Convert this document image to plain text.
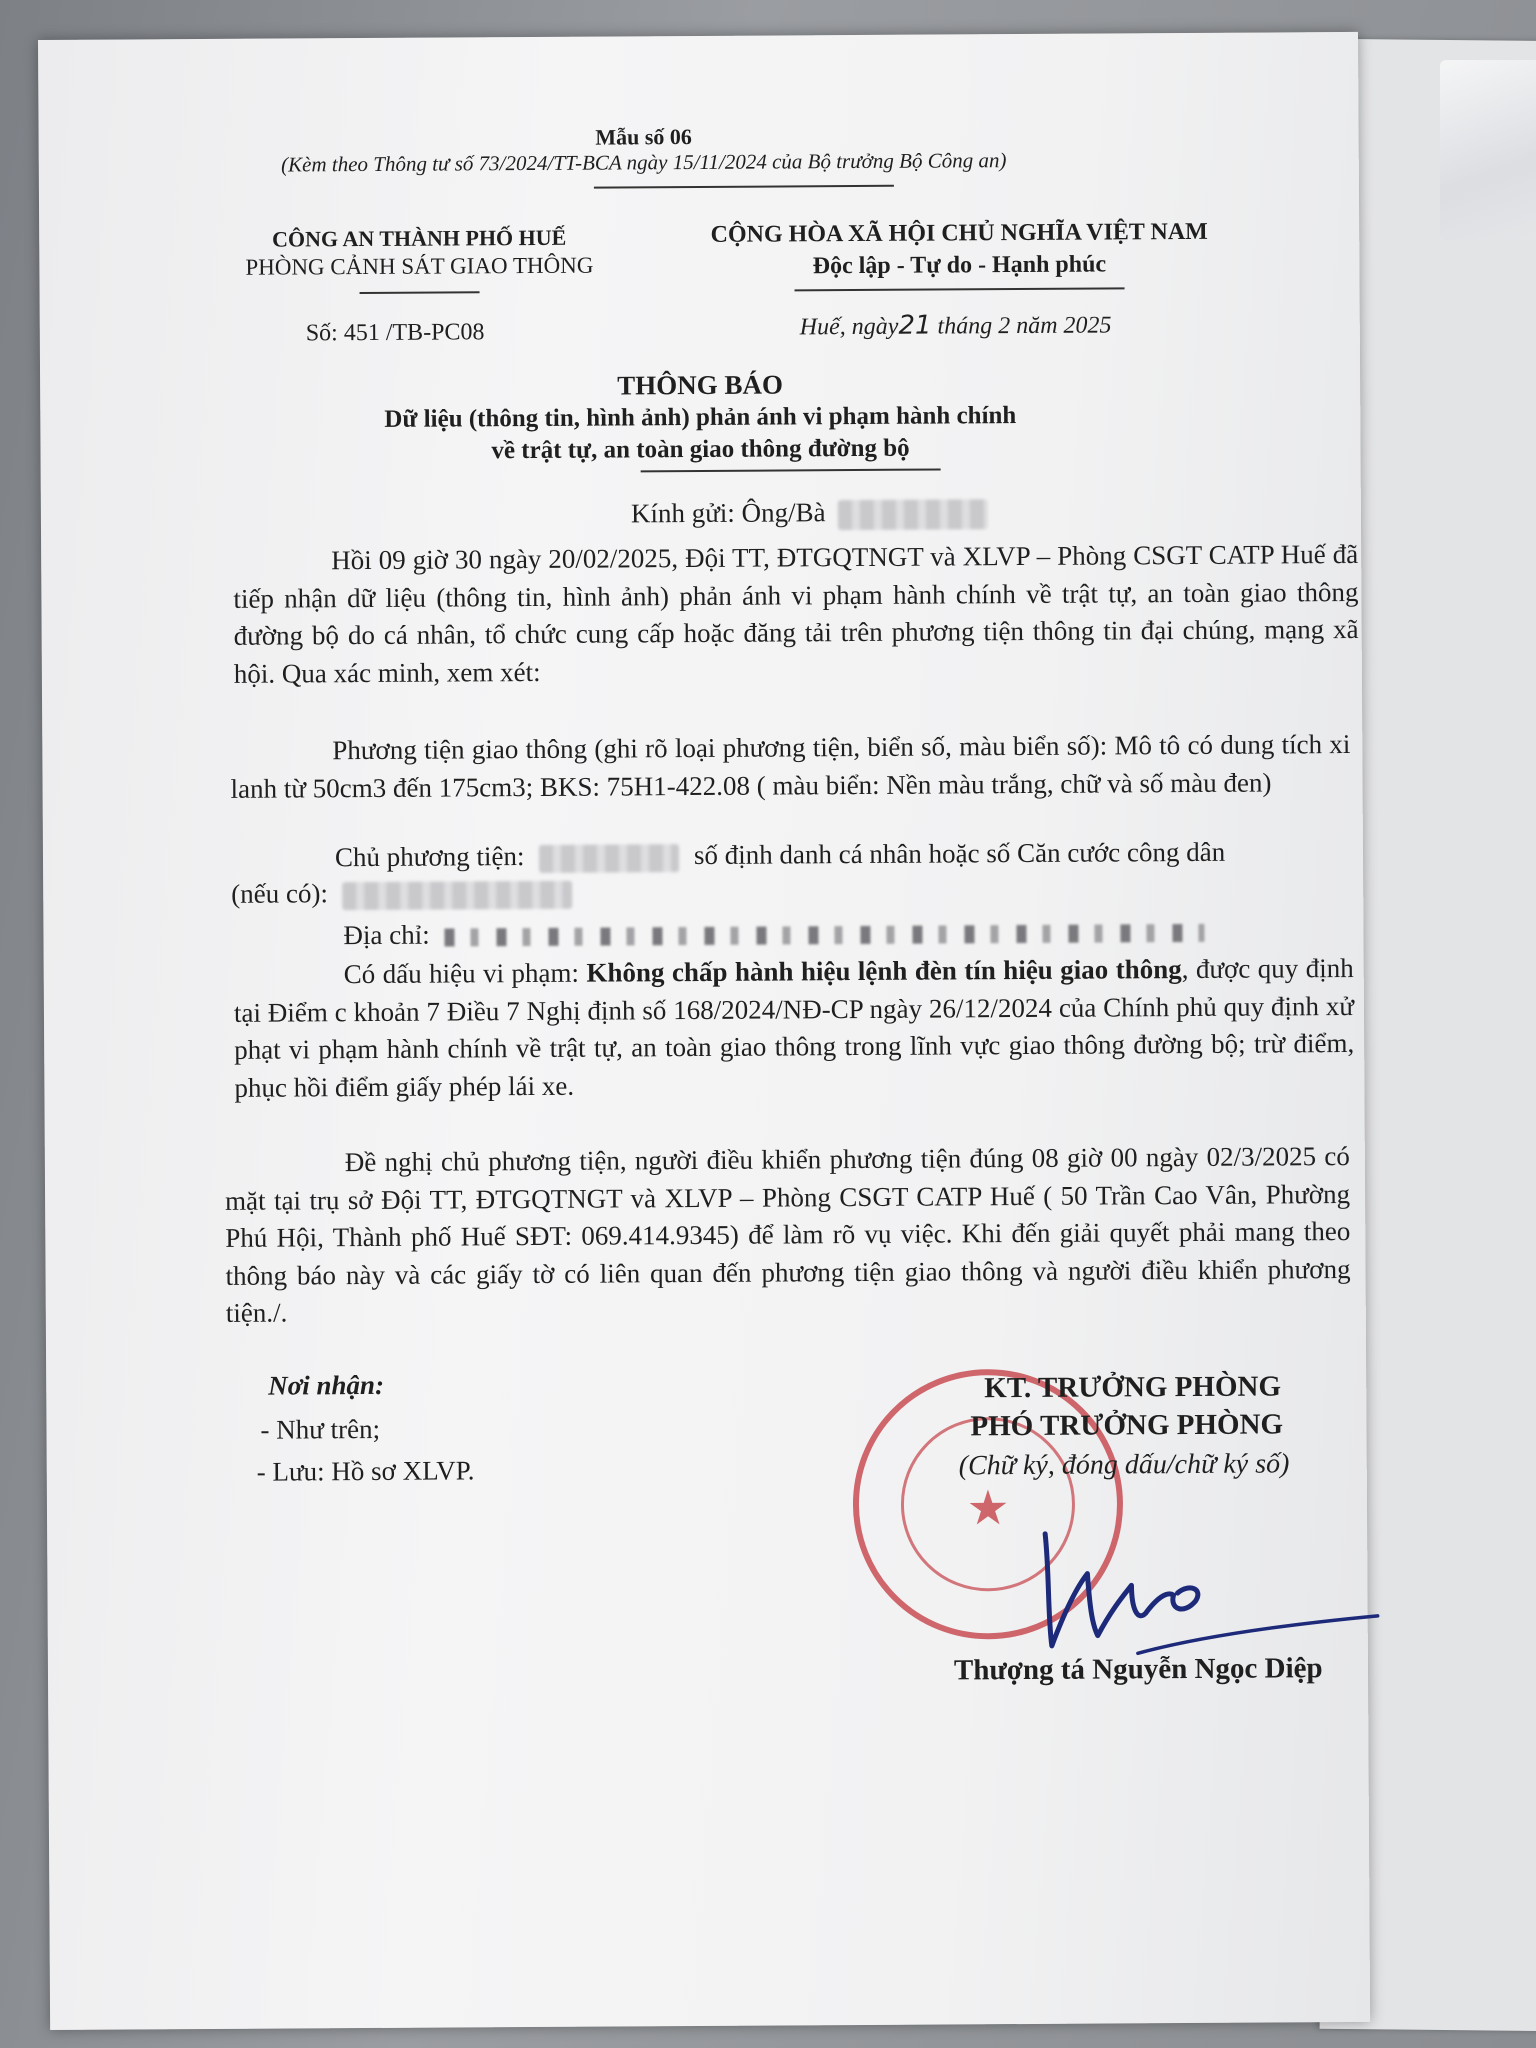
Mẫu số 06
(Kèm theo Thông tư số 73/2024/TT-BCA ngày 15/11/2024 của Bộ trưởng Bộ Công an)
CÔNG AN THÀNH PHỐ HUẾ
PHÒNG CẢNH SÁT GIAO THÔNG
Số: 451 /TB-PC08
CỘNG HÒA XÃ HỘI CHỦ NGHĨA VIỆT NAM
Độc lập - Tự do - Hạnh phúc
Huế, ngày21 tháng 2 năm 2025
THÔNG BÁO
Dữ liệu (thông tin, hình ảnh) phản ánh vi phạm hành chính
về trật tự, an toàn giao thông đường bộ
Kính gửi: Ông/Bà
Hồi 09 giờ 30 ngày 20/02/2025, Đội TT, ĐTGQTNGT và XLVP – Phòng CSGT CATP Huế đã tiếp nhận dữ liệu (thông tin, hình ảnh) phản ánh vi phạm hành chính về trật tự, an toàn giao thông đường bộ do cá nhân, tổ chức cung cấp hoặc đăng tải trên phương tiện thông tin đại chúng, mạng xã hội. Qua xác minh, xem xét:
Phương tiện giao thông (ghi rõ loại phương tiện, biển số, màu biển số): Mô tô có dung tích xi lanh từ 50cm3 đến 175cm3; BKS: 75H1-422.08 ( màu biển: Nền màu trắng, chữ và số màu đen)
Chủ phương tiện:	số định danh cá nhân hoặc số Căn cước công dân
(nếu có):
Địa chỉ:
Có dấu hiệu vi phạm: Không chấp hành hiệu lệnh đèn tín hiệu giao thông, được quy định tại Điểm c khoản 7 Điều 7 Nghị định số 168/2024/NĐ-CP ngày 26/12/2024 của Chính phủ quy định xử phạt vi phạm hành chính về trật tự, an toàn giao thông trong lĩnh vực giao thông đường bộ; trừ điểm, phục hồi điểm giấy phép lái xe.
Đề nghị chủ phương tiện, người điều khiển phương tiện đúng 08 giờ 00 ngày 02/3/2025 có mặt tại trụ sở Đội TT, ĐTGQTNGT và XLVP – Phòng CSGT CATP Huế ( 50 Trần Cao Vân, Phường Phú Hội, Thành phố Huế SĐT: 069.414.9345) để làm rõ vụ việc. Khi đến giải quyết phải mang theo thông báo này và các giấy tờ có liên quan đến phương tiện giao thông và người điều khiển phương tiện./.
Nơi nhận:
- Như trên;
- Lưu: Hồ sơ XLVP.
★
KT. TRƯỞNG PHÒNG
PHÓ TRƯỞNG PHÒNG
(Chữ ký, đóng dấu/chữ ký số)
Thượng tá Nguyễn Ngọc Diệp
